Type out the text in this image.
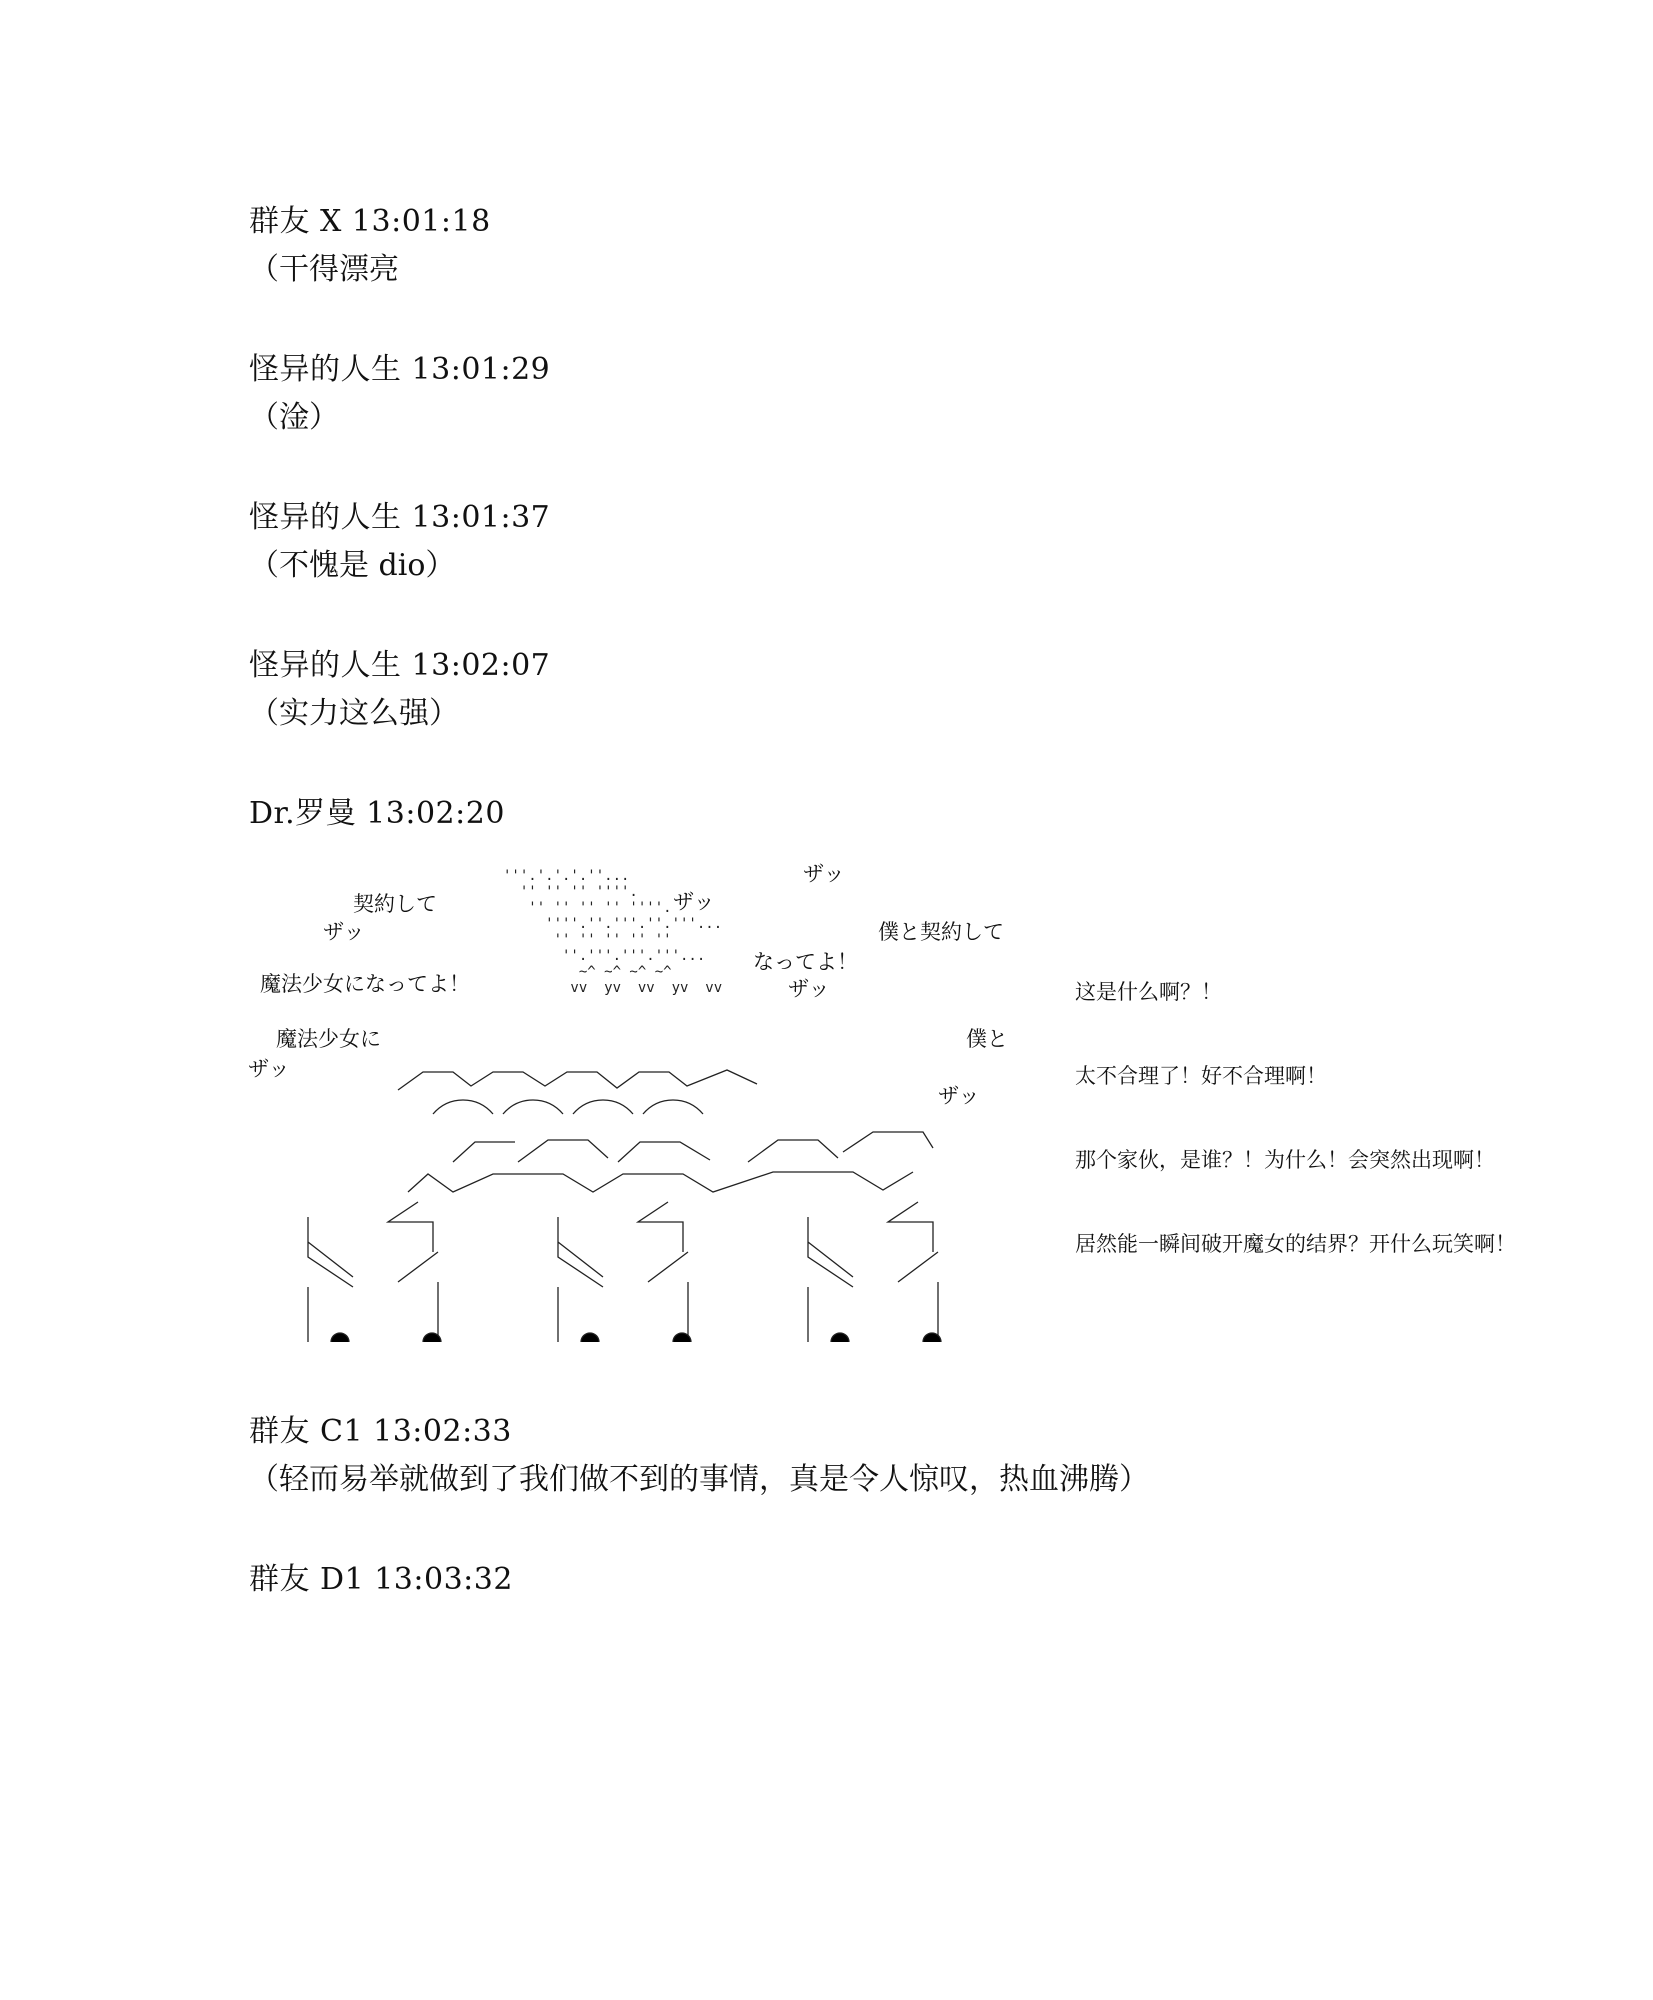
群友 X 13:01:18
（干得漂亮
怪异的人生 13:01:29
（淦）
怪异的人生 13:01:37
（不愧是 dio）
怪异的人生 13:02:07
（实力这么强）
Dr.罗曼 13:02:20
'''.'.'.'.''...
'' '' '' ''''.
'' '' '' '' ''''.
''''.''.'''.''.'''...
'' '' '' '' ''
''.'''.'''.'''...
~^ ~^ ~^ ~^
vv  yv  vv  yv  vv
契約して
ザッ
ザッ
ザッ
魔法少女になってよ！
魔法少女に
ザッ
僕と契約して
なってよ！
ザッ
僕と
ザッ

这是什么啊？！

太不合理了！好不合理啊！

那个家伙，是谁？！为什么！会突然出现啊！

居然能一瞬间破开魔女的结界？开什么玩笑啊！

群友 C1 13:02:33
（轻而易举就做到了我们做不到的事情，真是令人惊叹，热血沸腾）
群友 D1 13:03:32
